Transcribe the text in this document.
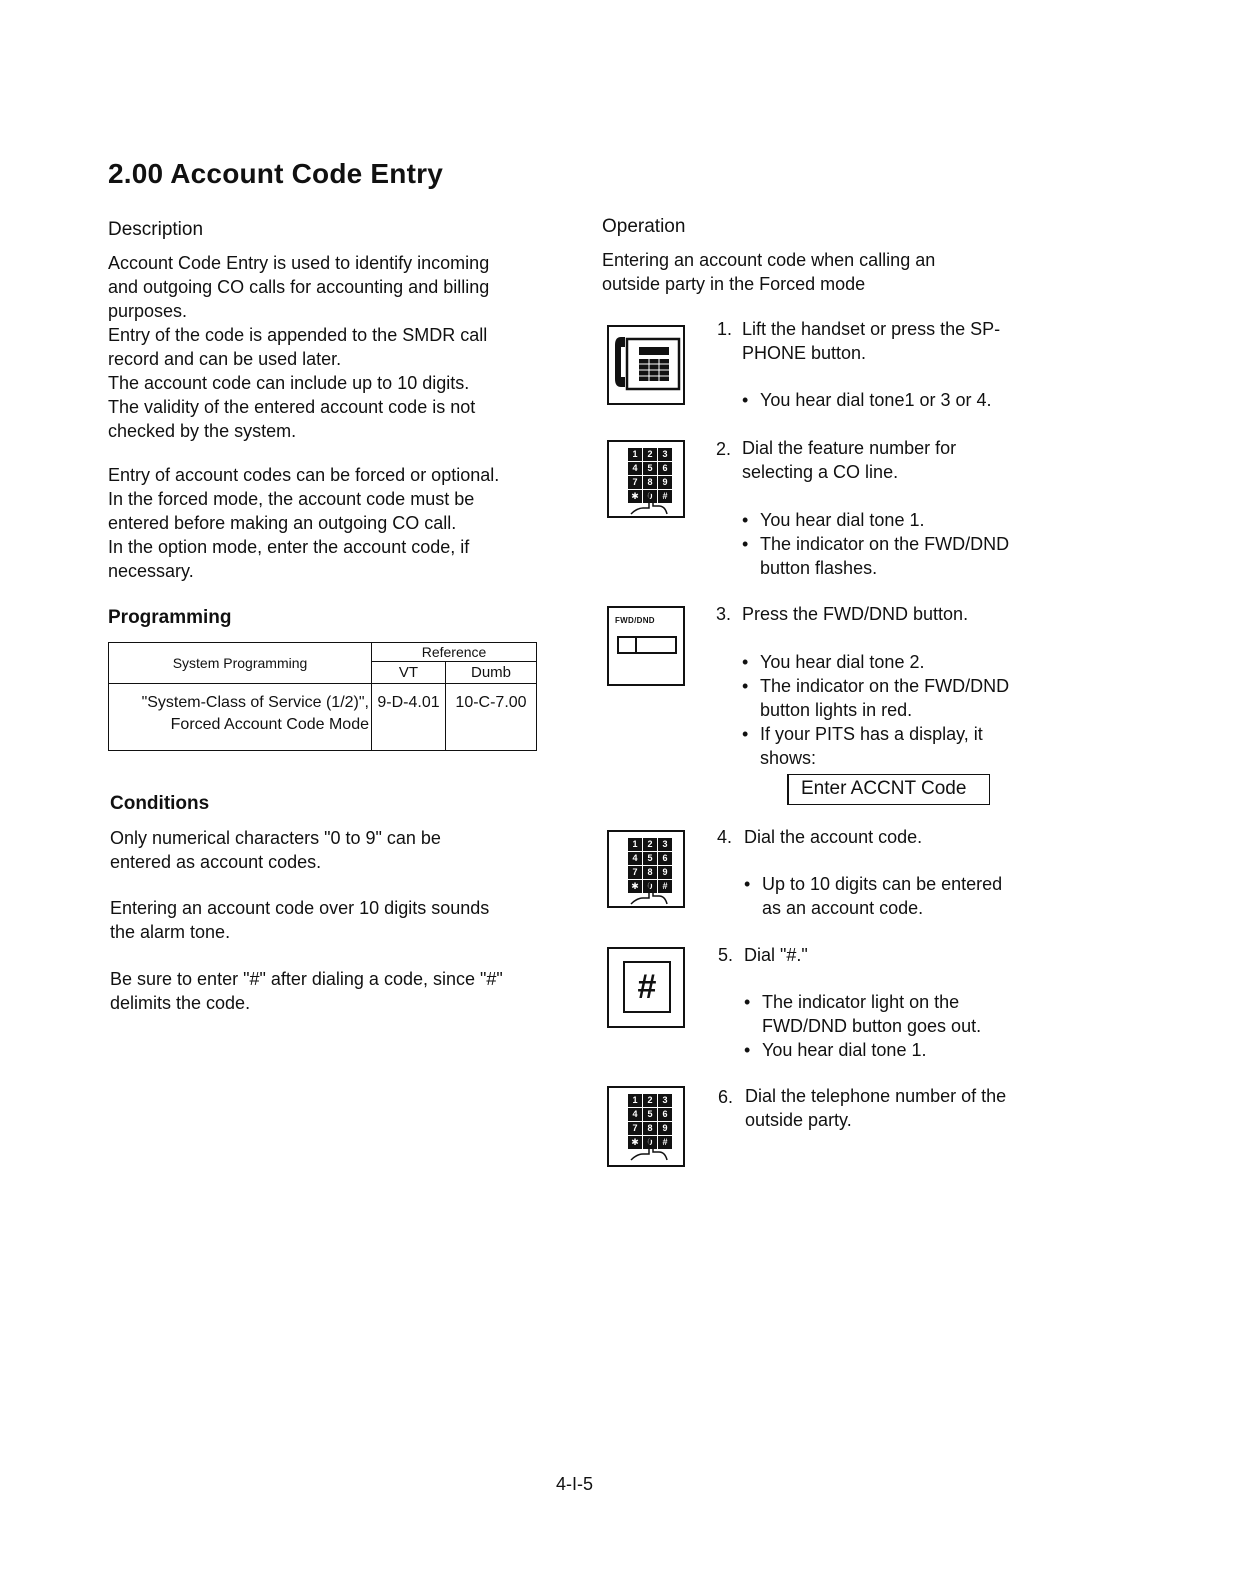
2.00 Account Code Entry
Description
Account Code Entry is used to identify incoming
and outgoing CO calls for accounting and billing
purposes.
Entry of the code is appended to the SMDR call
record and can be used later.
The account code can include up to 10 digits.
The validity of the entered account code is not
checked by the system.
Entry of account codes can be forced or optional.
In the forced mode, the account code must be
entered before making an outgoing CO call.
In the option mode, enter the account code, if
necessary.
Programming
System Programming	Reference	
	VT	Dumb

"System-Class of Service (1/2)",
Forced Account Code Mode	9-D-4.01	10-C-7.00
Conditions
Only numerical characters "0 to 9" can be
entered as account codes.
Entering an account code over 10 digits sounds
the alarm tone.
Be sure to enter "#" after dialing a code, since "#"
delimits the code.
Operation
Entering an account code when calling an
outside party in the Forced mode
1. Lift the handset or press the SP-
PHONE button.
• You hear dial tone1 or 3 or 4.
1	2	3
4	5	6
7	8	9
✱ 0	#
2. Dial the feature number for
selecting a CO line.
• You hear dial tone 1.
• The indicator on the FWD/DND
button flashes.
FWD/DND	3. Press the FWD/DND button.
• You hear dial tone 2.
• The indicator on the FWD/DND
button lights in red.
• If your PITS has a display, it
shows:
Enter ACCNT Code
1	2	3
4	5	6
7	8	9
✱ 0	#
4. Dial the account code.
• Up to 10 digits can be entered
as an account code.
#
5. Dial "#."
• The indicator light on the
FWD/DND button goes out.
• You hear dial tone 1.
1	2	3
4	5	6
7	8	9
✱ 0	#
6. Dial the telephone number of the
outside party.
4-I-5
